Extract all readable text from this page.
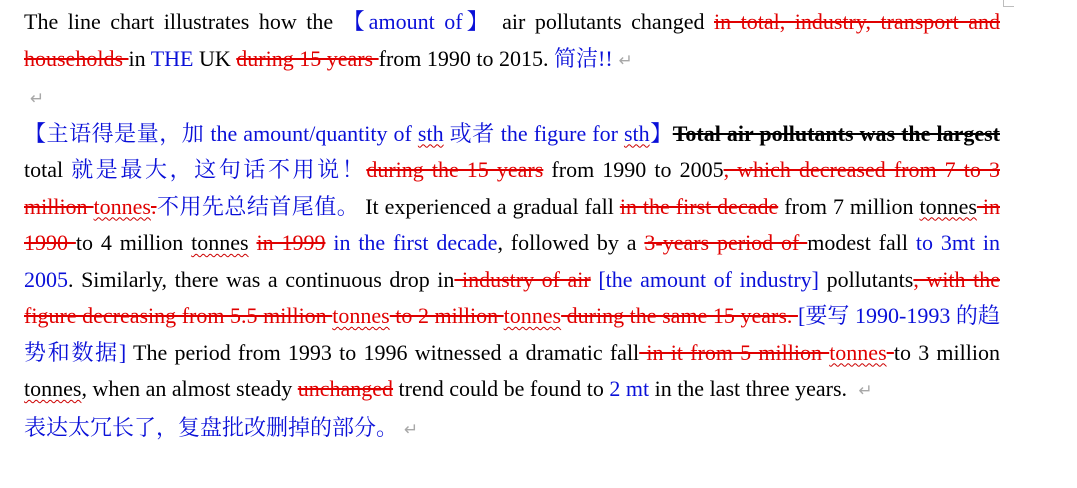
The line chart illustrates how the 【amount of】 air pollutants changed in total, industry, transport and households in THE UK during 15 years from 1990 to 2015. 简洁!! ↵

↵

【主语得是量，加 the amount/quantity of sth 或者 the figure for sth】Total air pollutants was the largest total 就是最大，这句话不用说！during the 15 years from 1990 to 2005, which decreased from 7 to 3 million tonnes.不用先总结首尾值。 It experienced a gradual fall in the first decade from 7 million tonnes in 1990 to 4 million tonnes in 1999 in the first decade, followed by a 3-years period of modest fall to 3mt in 2005. Similarly, there was a continuous drop in industry of air [the amount of industry] pollutants, with the figure decreasing from 5.5 million tonnes to 2 million tonnes during the same 15 years. [要写 1990-1993 的趋势和数据] The period from 1993 to 1996 witnessed a dramatic fall in it from 5 million tonnes to 3 million tonnes, when an almost steady unchanged trend could be found to 2 mt in the last three years. ↵

表达太冗长了，复盘批改删掉的部分。 ↵
